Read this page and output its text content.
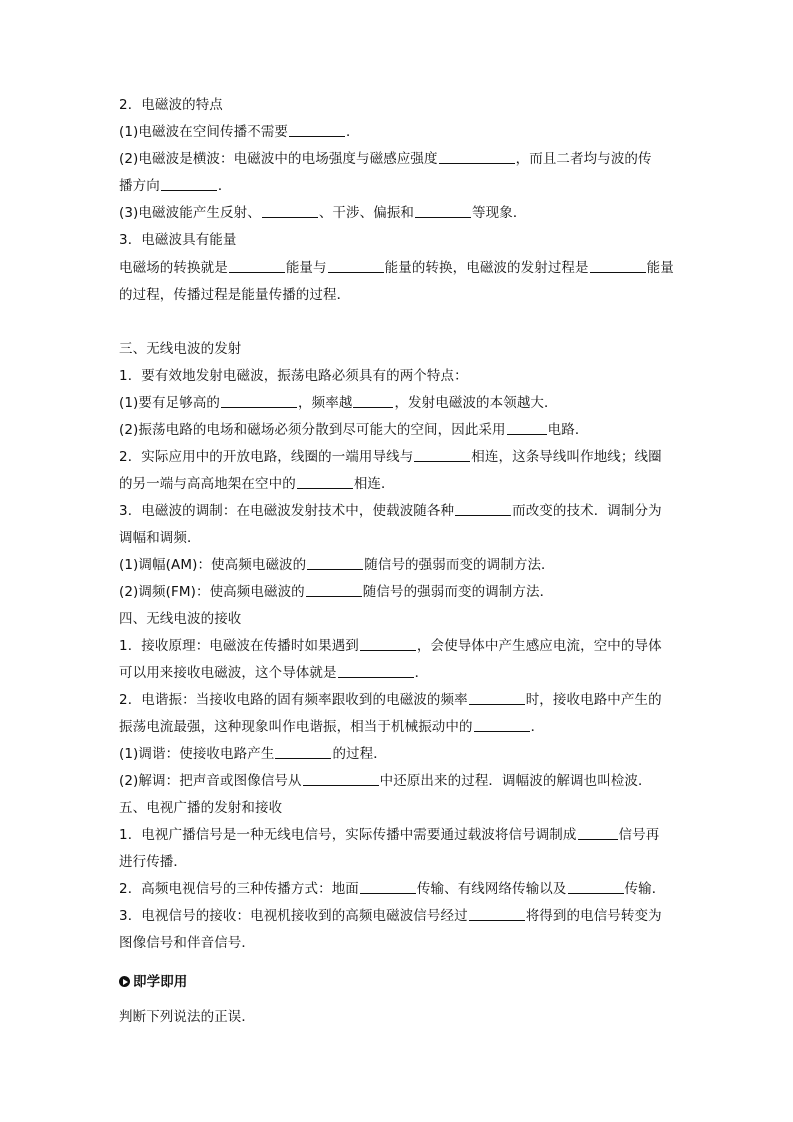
2．电磁波的特点
(1)电磁波在空间传播不需要	．
(2)电磁波是横波：电磁波中的电场强度与磁感应强度	，而且二者均与波的传
播方向	．
(3)电磁波能产生反射、	、干涉、偏振和	等现象．
3．电磁波具有能量
电磁场的转换就是	能量与	能量的转换，电磁波的发射过程是	能量
的过程，传播过程是能量传播的过程．
三、无线电波的发射
1．要有效地发射电磁波，振荡电路必须具有的两个特点：
(1)要有足够高的	，频率越	，发射电磁波的本领越大．
(2)振荡电路的电场和磁场必须分散到尽可能大的空间，因此采用	电路．
2．实际应用中的开放电路，线圈的一端用导线与	相连，这条导线叫作地线；线圈
的另一端与高高地架在空中的	相连．
3．电磁波的调制：在电磁波发射技术中，使载波随各种	而改变的技术．调制分为
调幅和调频．
(1)调幅(AM)：使高频电磁波的	随信号的强弱而变的调制方法．
(2)调频(FM)：使高频电磁波的	随信号的强弱而变的调制方法．
四、无线电波的接收
1．接收原理：电磁波在传播时如果遇到	，会使导体中产生感应电流，空中的导体
可以用来接收电磁波，这个导体就是	．
2．电谐振：当接收电路的固有频率跟收到的电磁波的频率	时，接收电路中产生的
振荡电流最强，这种现象叫作电谐振，相当于机械振动中的	．
(1)调谐：使接收电路产生	的过程．
(2)解调：把声音或图像信号从	中还原出来的过程．调幅波的解调也叫检波．
五、电视广播的发射和接收
1．电视广播信号是一种无线电信号，实际传播中需要通过载波将信号调制成	信号再
进行传播．
2．高频电视信号的三种传播方式：地面	传输、有线网络传输以及	传输．
3．电视信号的接收：电视机接收到的高频电磁波信号经过	将得到的电信号转变为
图像信号和伴音信号．
即学即用
判断下列说法的正误．
